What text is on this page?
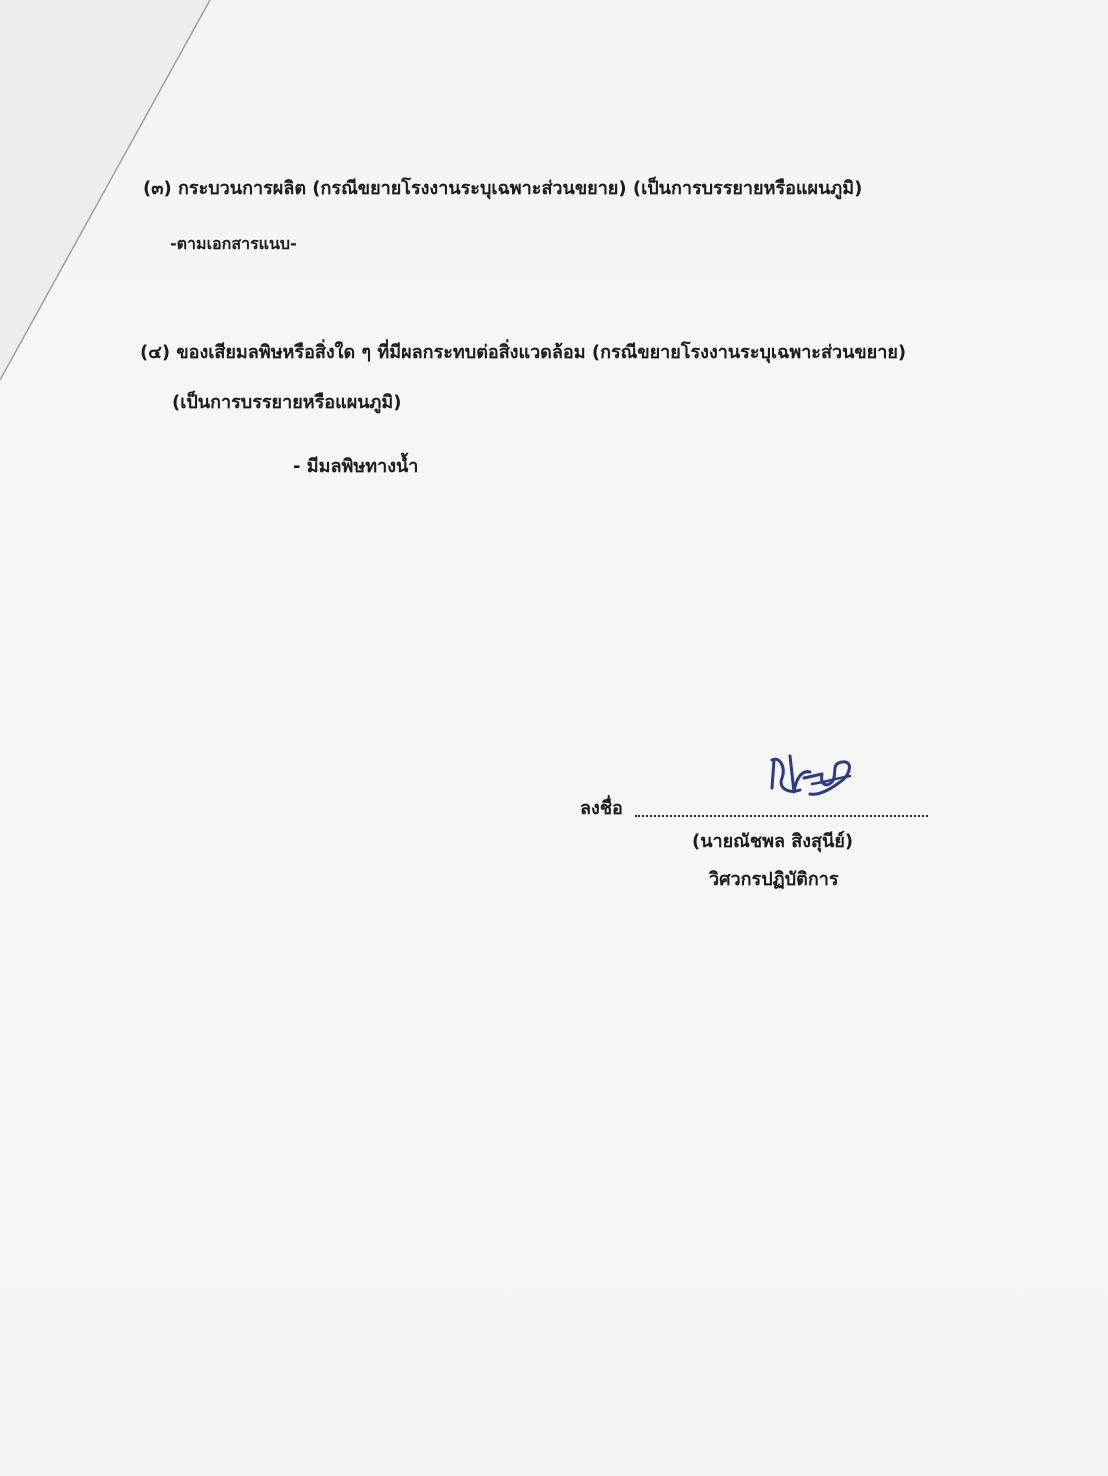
(๓) กระบวนการผลิต (กรณีขยายโรงงานระบุเฉพาะส่วนขยาย) (เป็นการบรรยายหรือแผนภูมิ)
-ตามเอกสารแนบ-
(๔) ของเสียมลพิษหรือสิ่งใด ๆ ที่มีผลกระทบต่อสิ่งแวดล้อม (กรณีขยายโรงงานระบุเฉพาะส่วนขยาย)
(เป็นการบรรยายหรือแผนภูมิ)
- มีมลพิษทางน้ำ
ลงชื่อ
(นายณัชพล สิงสุนีย์)
วิศวกรปฏิบัติการ
